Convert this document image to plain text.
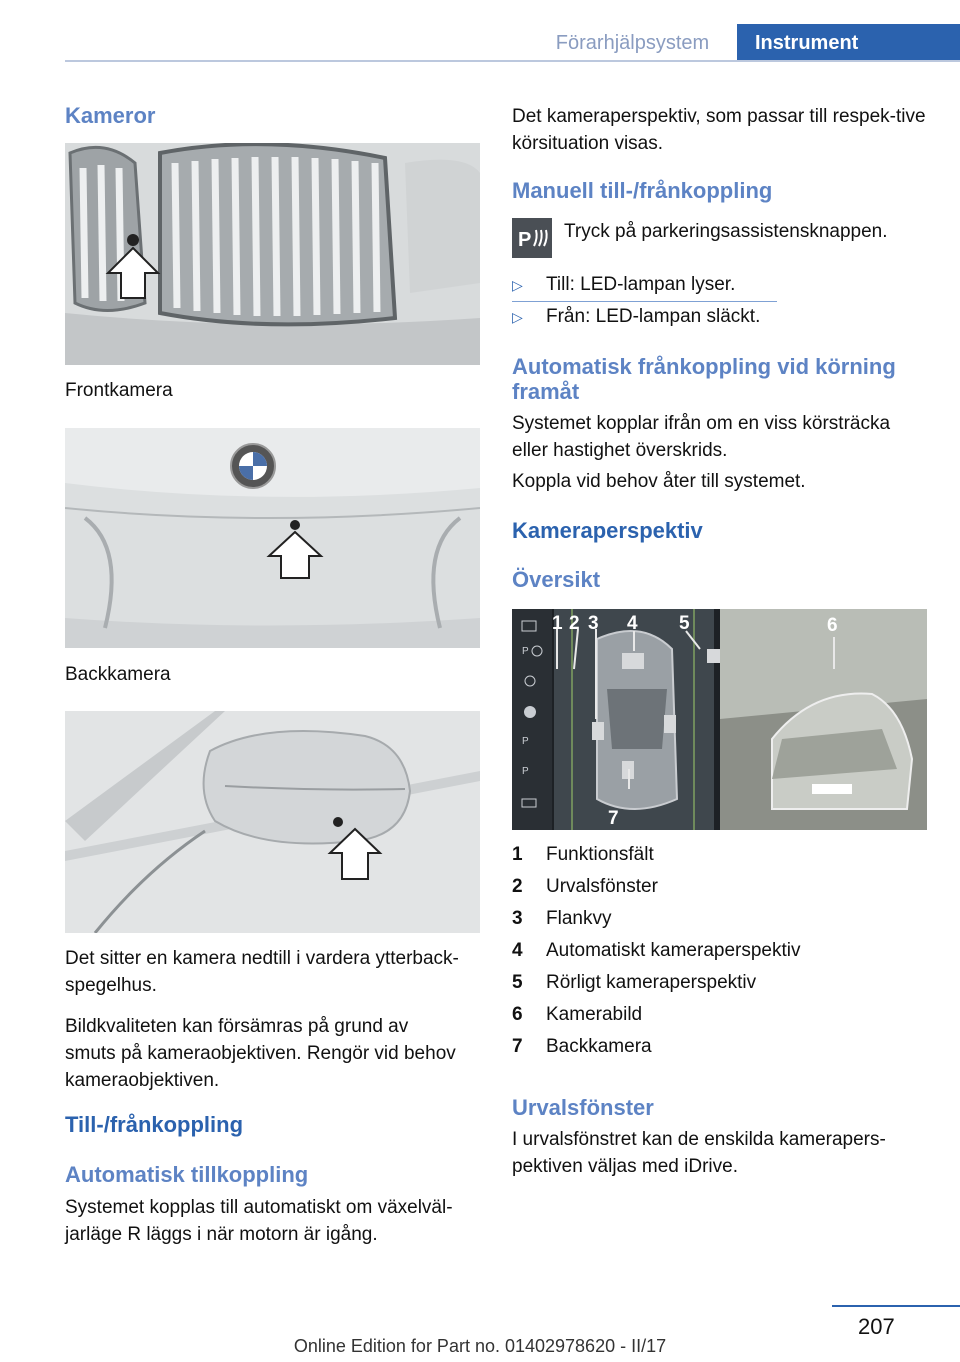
Förarhjälpsystem	Instrument
Kameror

Frontkamera

Backkamera

Det sitter en kamera nedtill i vardera ytterback-spegelhus.

Bildkvaliteten kan försämras på grund av smuts på kameraobjektiven. Rengör vid behov kameraobjektiven.

Till-/frånkoppling
Automatisk tillkoppling

Systemet kopplas till automatiskt om växelväl-jarläge R läggs i när motorn är igång.

Det kameraperspektiv, som passar till respek-tive körsituation visas.

Manuell till-/frånkoppling
P Tryck på parkeringsassistensknappen.

▷ Till: LED-lampan lyser.
▷ Från: LED-lampan släckt.
Automatisk frånkoppling vid körning framåt

Systemet kopplar ifrån om en viss körsträcka eller hastighet överskrids.

Koppla vid behov åter till systemet.

Kameraperspektiv
Översikt
P
P
P
1 2 3 4 5	6
7
1 Funktionsfält
2 Urvalsfönster
3 Flankvy
4 Automatiskt kameraperspektiv
5 Rörligt kameraperspektiv
6 Kamerabild
7 Backkamera
Urvalsfönster

I urvalsfönstret kan de enskilda kamerapers-pektiven väljas med iDrive.

207
Online Edition for Part no. 01402978620 - II/17
